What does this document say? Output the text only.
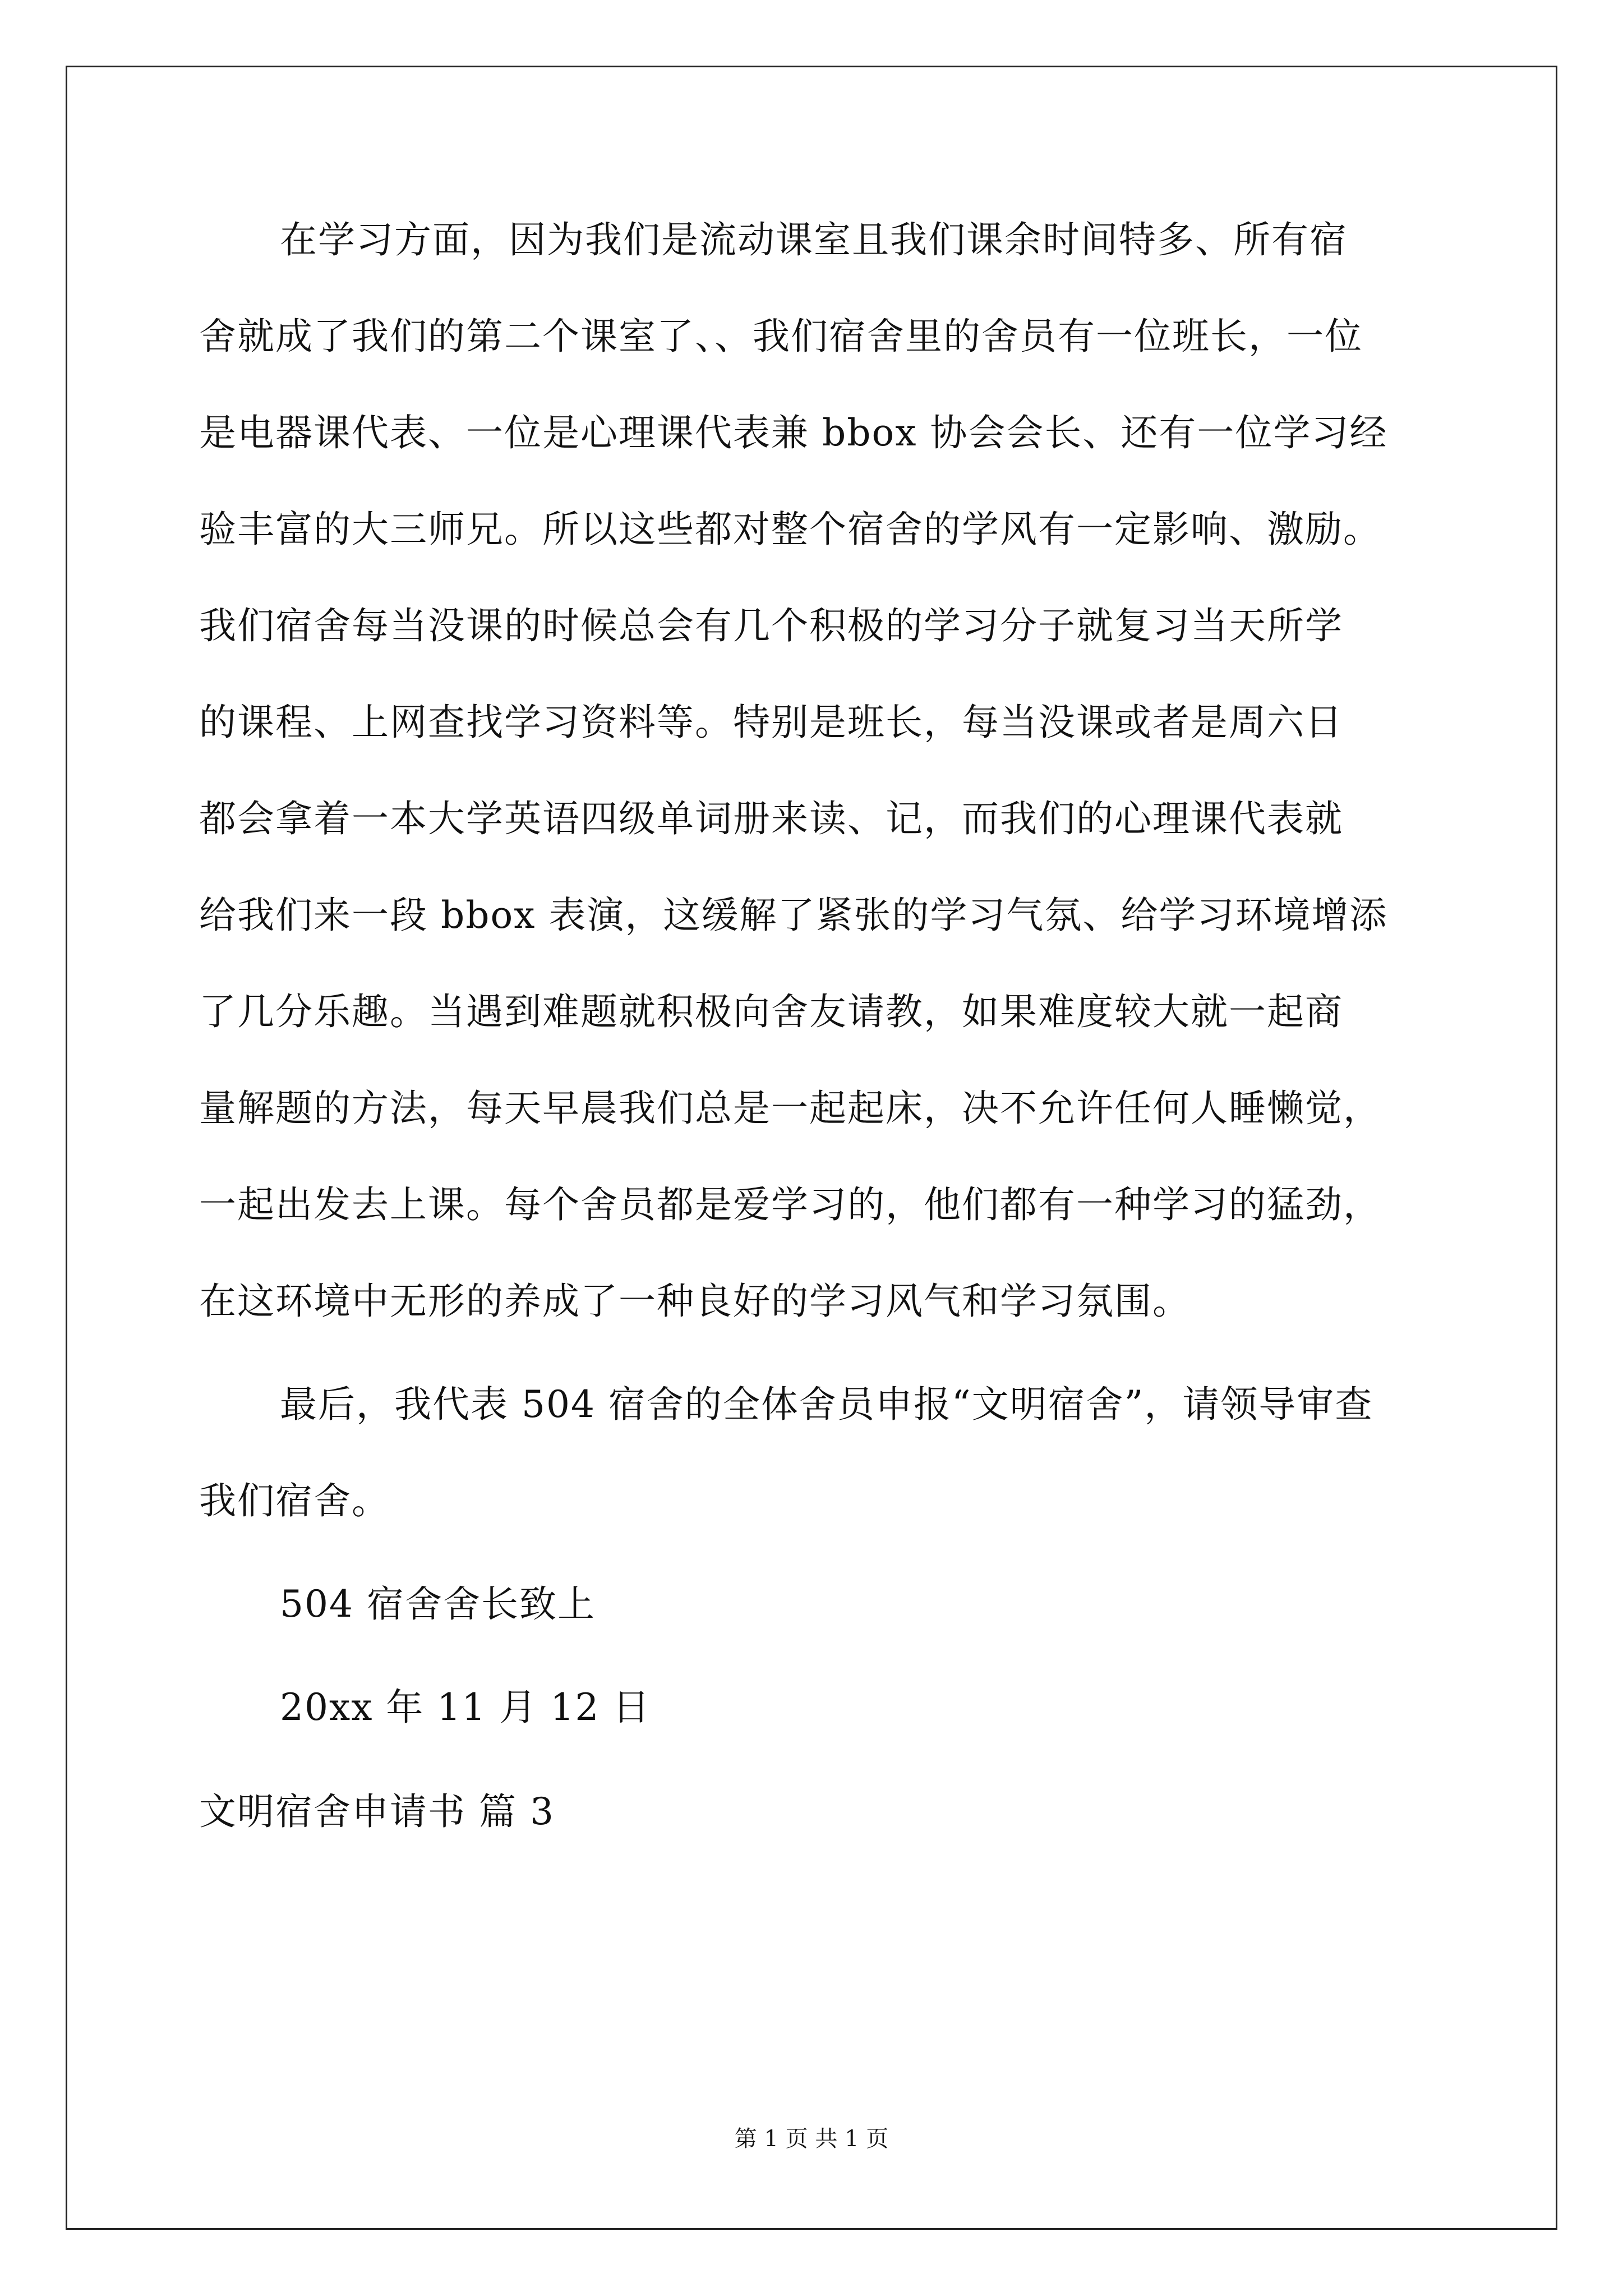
在学习方面，因为我们是流动课室且我们课余时间特多、所有宿
舍就成了我们的第二个课室了、、我们宿舍里的舍员有一位班长，一位
是电器课代表、一位是心理课代表兼 bbox 协会会长、还有一位学习经
验丰富的大三师兄。所以这些都对整个宿舍的学风有一定影响、激励。
我们宿舍每当没课的时候总会有几个积极的学习分子就复习当天所学
的课程、上网查找学习资料等。特别是班长，每当没课或者是周六日
都会拿着一本大学英语四级单词册来读、记，而我们的心理课代表就
给我们来一段 bbox 表演，这缓解了紧张的学习气氛、给学习环境增添
了几分乐趣。当遇到难题就积极向舍友请教，如果难度较大就一起商
量解题的方法，每天早晨我们总是一起起床，决不允许任何人睡懒觉，
一起出发去上课。每个舍员都是爱学习的，他们都有一种学习的猛劲，
在这环境中无形的养成了一种良好的学习风气和学习氛围。
最后，我代表 504 宿舍的全体舍员申报“文明宿舍”，请领导审查
我们宿舍。
504 宿舍舍长致上
20xx 年 11 月 12 日
文明宿舍申请书 篇 3
第 1 页 共 1 页
